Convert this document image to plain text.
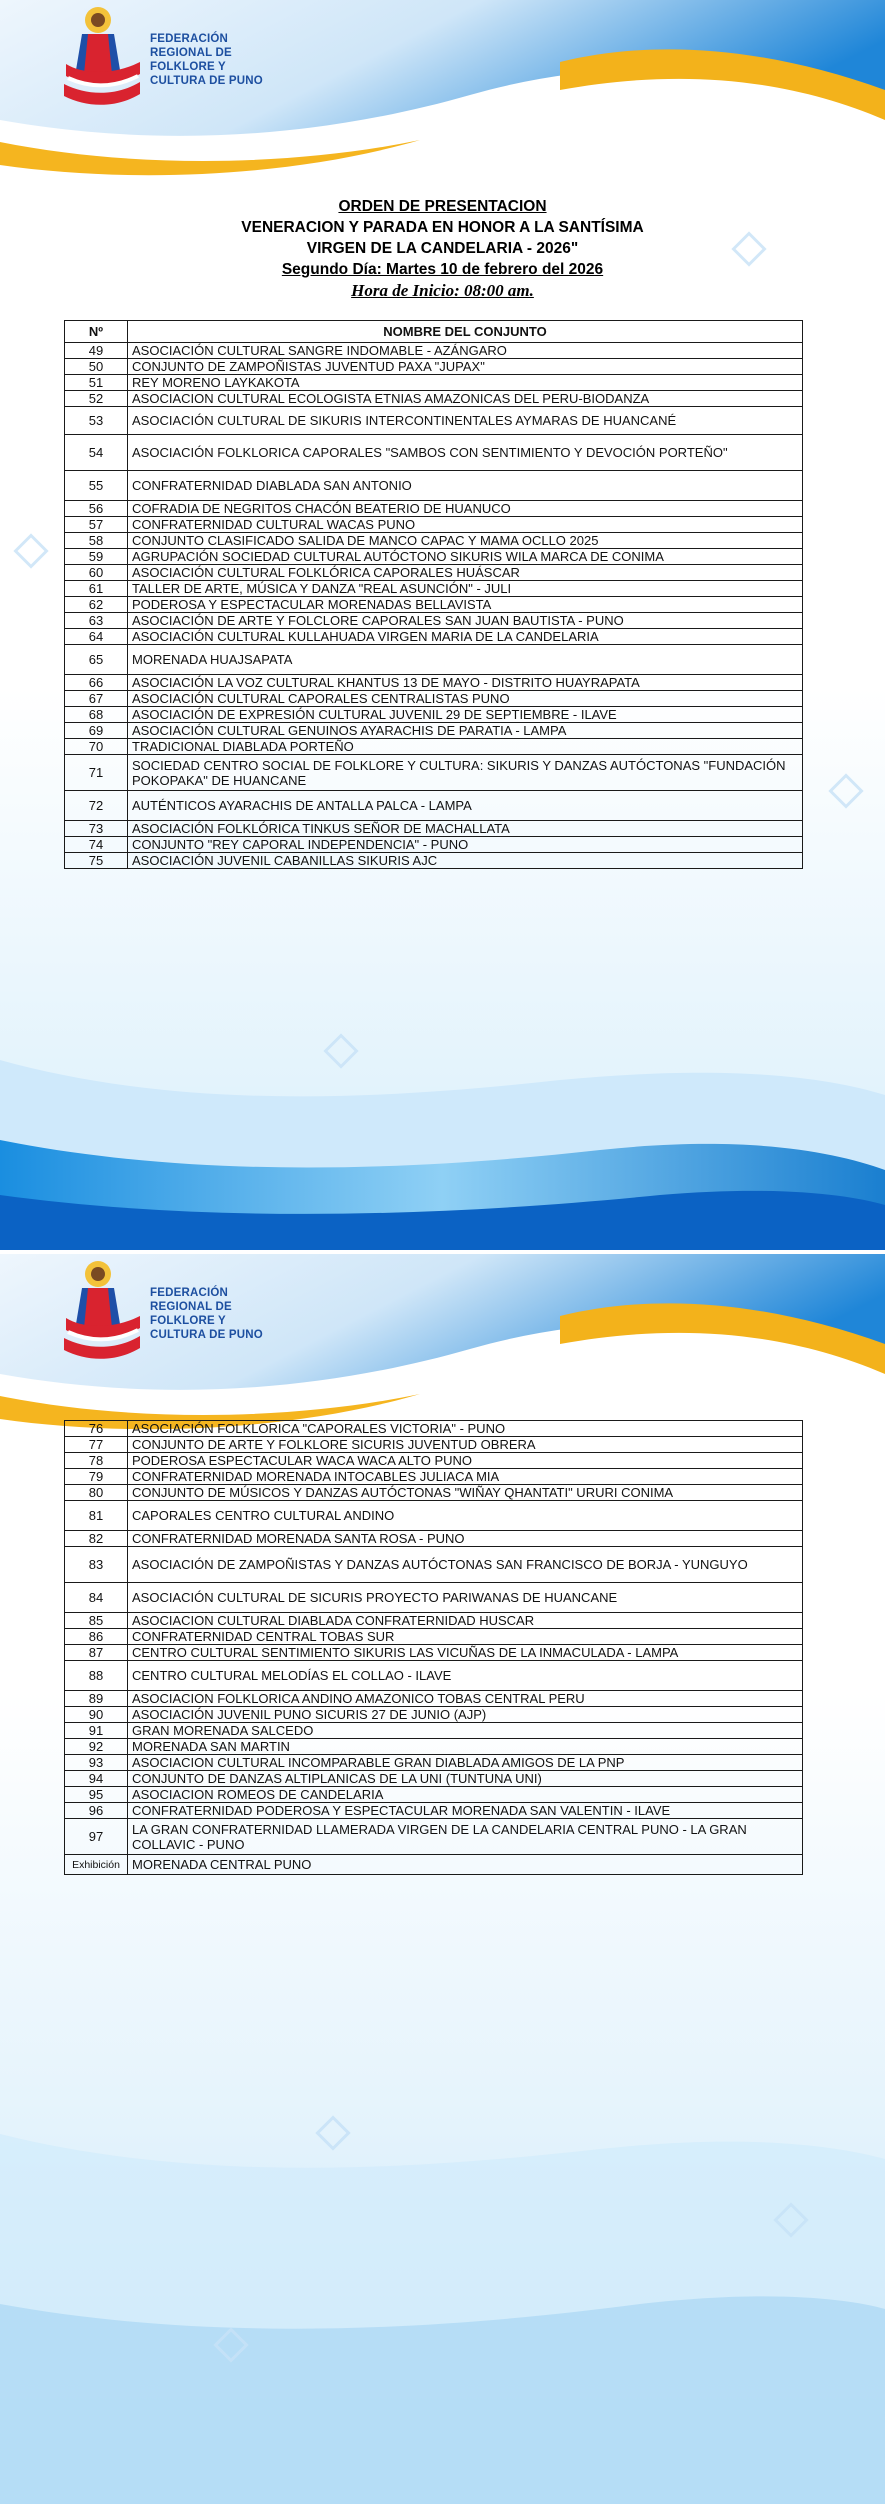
FEDERACIÓN
REGIONAL DE
FOLKLORE Y
CULTURA DE PUNO
ORDEN DE PRESENTACION
VENERACION Y PARADA EN HONOR A LA SANTÍSIMA
VIRGEN DE LA CANDELARIA - 2026"
Segundo Día: Martes 10 de febrero del 2026
Hora de Inicio: 08:00 am.
Nº	NOMBRE DEL CONJUNTO
49	ASOCIACIÓN CULTURAL SANGRE INDOMABLE - AZÁNGARO
50	CONJUNTO DE ZAMPOÑISTAS JUVENTUD PAXA "JUPAX"
51	REY MORENO LAYKAKOTA
52	ASOCIACION CULTURAL ECOLOGISTA ETNIAS AMAZONICAS DEL PERU-BIODANZA
53	ASOCIACIÓN CULTURAL DE SIKURIS INTERCONTINENTALES AYMARAS DE HUANCANÉ
54	ASOCIACIÓN FOLKLORICA CAPORALES "SAMBOS CON SENTIMIENTO Y DEVOCIÓN PORTEÑO"
55	CONFRATERNIDAD DIABLADA SAN ANTONIO
56	COFRADIA DE NEGRITOS CHACÓN BEATERIO DE HUANUCO
57	CONFRATERNIDAD CULTURAL WACAS PUNO
58	CONJUNTO CLASIFICADO SALIDA DE MANCO CAPAC Y MAMA OCLLO 2025
59	AGRUPACIÓN SOCIEDAD CULTURAL AUTÓCTONO SIKURIS WILA MARCA DE CONIMA
60	ASOCIACIÓN CULTURAL FOLKLÓRICA CAPORALES HUÁSCAR
61	TALLER DE ARTE, MÚSICA Y DANZA "REAL ASUNCIÓN" - JULI
62	PODEROSA Y ESPECTACULAR MORENADAS BELLAVISTA
63	ASOCIACIÓN DE ARTE Y FOLCLORE CAPORALES SAN JUAN BAUTISTA - PUNO
64	ASOCIACIÓN CULTURAL KULLAHUADA VIRGEN MARIA DE LA CANDELARIA
65	MORENADA HUAJSAPATA
66	ASOCIACIÓN LA VOZ CULTURAL KHANTUS 13 DE MAYO - DISTRITO HUAYRAPATA
67	ASOCIACIÓN CULTURAL CAPORALES CENTRALISTAS PUNO
68	ASOCIACIÓN DE EXPRESIÓN CULTURAL JUVENIL 29 DE SEPTIEMBRE - ILAVE
69	ASOCIACIÓN CULTURAL GENUINOS AYARACHIS DE PARATIA - LAMPA
70	TRADICIONAL DIABLADA PORTEÑO
71	SOCIEDAD CENTRO SOCIAL DE FOLKLORE Y CULTURA: SIKURIS Y DANZAS AUTÓCTONAS "FUNDACIÓN POKOPAKA" DE HUANCANE
72	AUTÉNTICOS AYARACHIS DE ANTALLA PALCA - LAMPA
73	ASOCIACIÓN FOLKLÓRICA TINKUS SEÑOR DE MACHALLATA
74	CONJUNTO "REY CAPORAL INDEPENDENCIA" - PUNO
75	ASOCIACIÓN JUVENIL CABANILLAS SIKURIS AJC
FEDERACIÓN
REGIONAL DE
FOLKLORE Y
CULTURA DE PUNO
76	ASOCIACIÓN FOLKLORICA "CAPORALES VICTORIA" - PUNO
77	CONJUNTO DE ARTE Y FOLKLORE SICURIS JUVENTUD OBRERA
78	PODEROSA ESPECTACULAR WACA WACA ALTO PUNO
79	CONFRATERNIDAD MORENADA INTOCABLES JULIACA MIA
80	CONJUNTO DE MÚSICOS Y DANZAS AUTÓCTONAS "WIÑAY QHANTATI" URURI CONIMA
81	CAPORALES CENTRO CULTURAL ANDINO
82	CONFRATERNIDAD MORENADA SANTA ROSA - PUNO
83	ASOCIACIÓN DE ZAMPOÑISTAS Y DANZAS AUTÓCTONAS SAN FRANCISCO DE BORJA - YUNGUYO
84	ASOCIACIÓN CULTURAL DE SICURIS PROYECTO PARIWANAS DE HUANCANE
85	ASOCIACION CULTURAL DIABLADA CONFRATERNIDAD HUSCAR
86	CONFRATERNIDAD CENTRAL TOBAS SUR
87	CENTRO CULTURAL SENTIMIENTO SIKURIS LAS VICUÑAS DE LA INMACULADA - LAMPA
88	CENTRO CULTURAL MELODÍAS EL COLLAO - ILAVE
89	ASOCIACION FOLKLORICA ANDINO AMAZONICO TOBAS CENTRAL PERU
90	ASOCIACIÓN JUVENIL PUNO SICURIS 27 DE JUNIO (AJP)
91	GRAN MORENADA SALCEDO
92	MORENADA SAN MARTIN
93	ASOCIACION CULTURAL INCOMPARABLE GRAN DIABLADA AMIGOS DE LA PNP
94	CONJUNTO DE DANZAS ALTIPLANICAS DE LA UNI (TUNTUNA UNI)
95	ASOCIACION ROMEOS DE CANDELARIA
96	CONFRATERNIDAD PODEROSA Y ESPECTACULAR MORENADA SAN VALENTIN - ILAVE
97	LA GRAN CONFRATERNIDAD LLAMERADA VIRGEN DE LA CANDELARIA CENTRAL PUNO - LA GRAN COLLAVIC - PUNO
Exhibición	MORENADA CENTRAL PUNO
